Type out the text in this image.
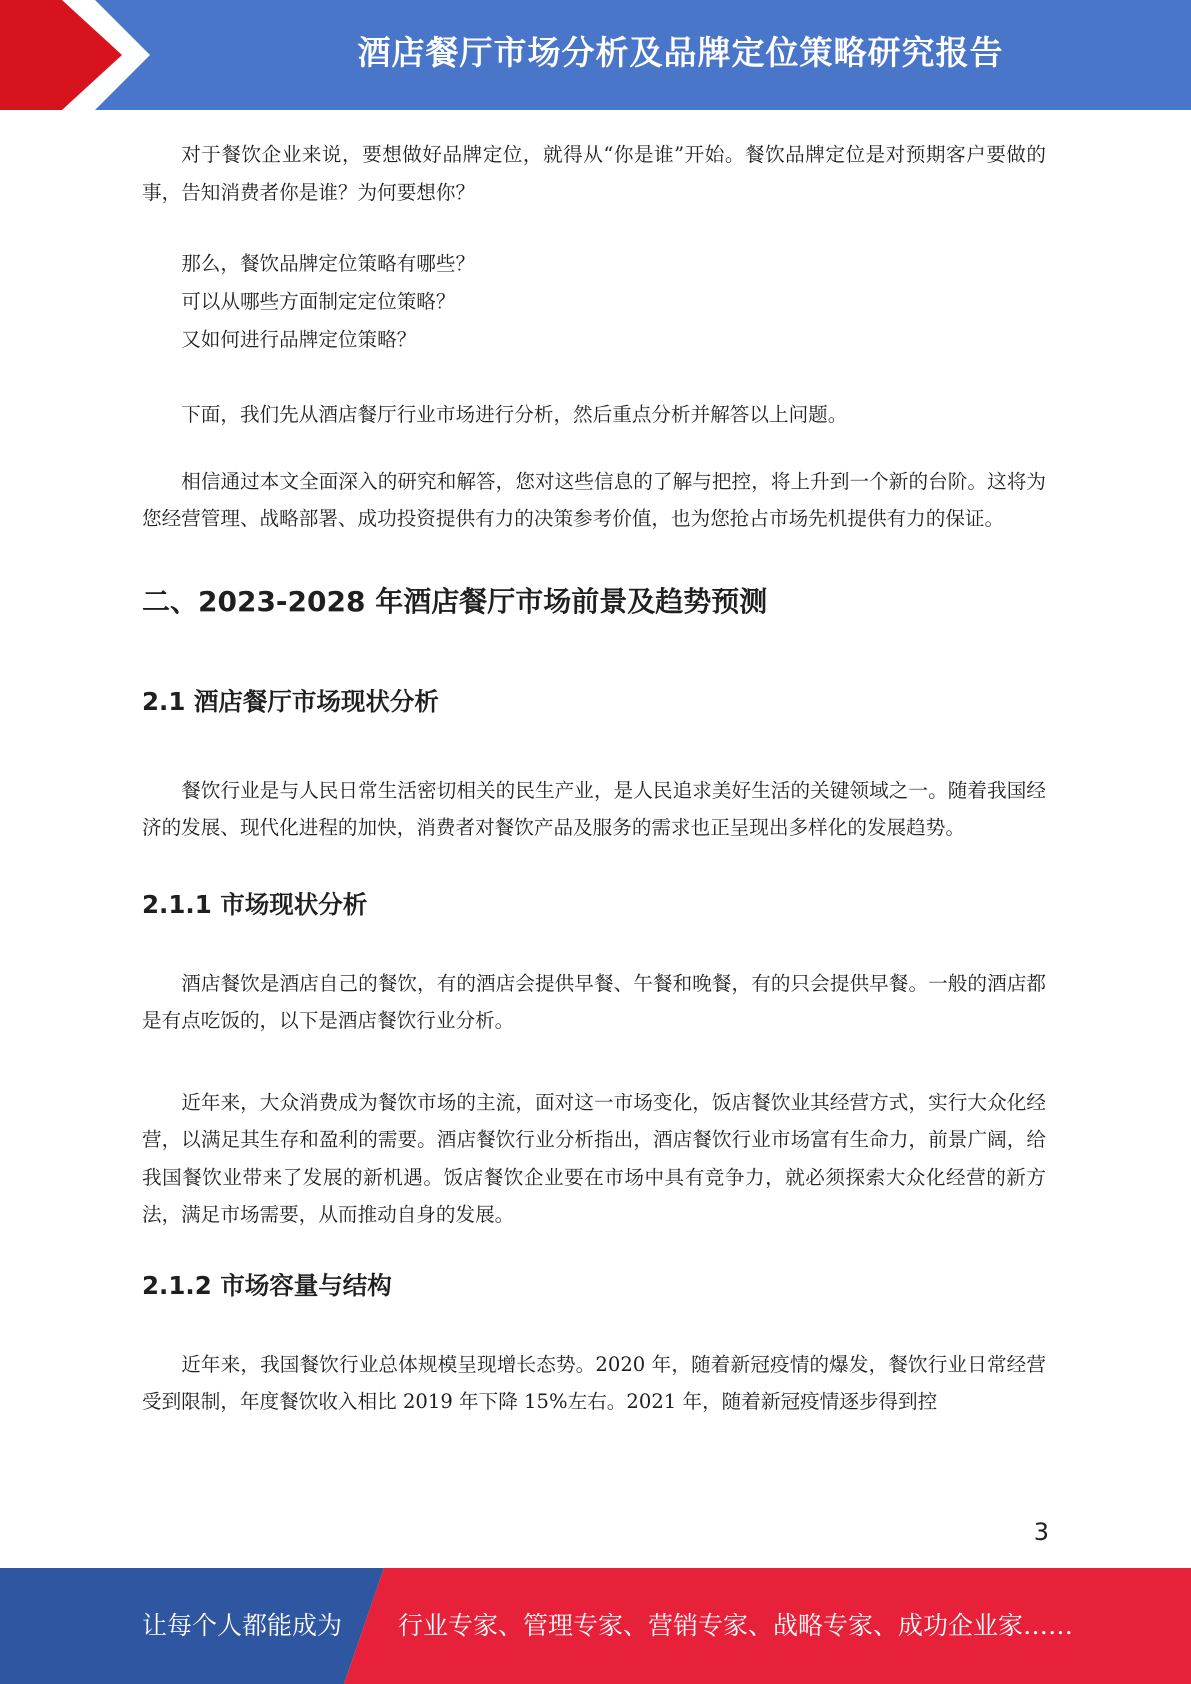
酒店餐厅市场分析及品牌定位策略研究报告

对于餐饮企业来说，要想做好品牌定位，就得从“你是谁”开始。餐饮品牌定位是对预期客户要做的事，告知消费者你是谁？为何要想你？

那么，餐饮品牌定位策略有哪些？
可以从哪些方面制定定位策略？
又如何进行品牌定位策略？

下面，我们先从酒店餐厅行业市场进行分析，然后重点分析并解答以上问题。

相信通过本文全面深入的研究和解答，您对这些信息的了解与把控，将上升到一个新的台阶。这将为您经营管理、战略部署、成功投资提供有力的决策参考价值，也为您抢占市场先机提供有力的保证。

二、2023-2028 年酒店餐厅市场前景及趋势预测
2.1 酒店餐厅市场现状分析

餐饮行业是与人民日常生活密切相关的民生产业，是人民追求美好生活的关键领域之一。随着我国经济的发展、现代化进程的加快，消费者对餐饮产品及服务的需求也正呈现出多样化的发展趋势。

2.1.1 市场现状分析

酒店餐饮是酒店自己的餐饮，有的酒店会提供早餐、午餐和晚餐，有的只会提供早餐。一般的酒店都是有点吃饭的，以下是酒店餐饮行业分析。

近年来，大众消费成为餐饮市场的主流，面对这一市场变化，饭店餐饮业其经营方式，实行大众化经营，以满足其生存和盈利的需要。酒店餐饮行业分析指出，酒店餐饮行业市场富有生命力，前景广阔，给我国餐饮业带来了发展的新机遇。饭店餐饮企业要在市场中具有竞争力，就必须探索大众化经营的新方法，满足市场需要，从而推动自身的发展。

2.1.2 市场容量与结构

近年来，我国餐饮行业总体规模呈现增长态势。2020 年，随着新冠疫情的爆发，餐饮行业日常经营受到限制，年度餐饮收入相比 2019 年下降 15%左右。2021 年，随着新冠疫情逐步得到控

3
让每个人都能成为 行业专家、管理专家、营销专家、战略专家、成功企业家……
